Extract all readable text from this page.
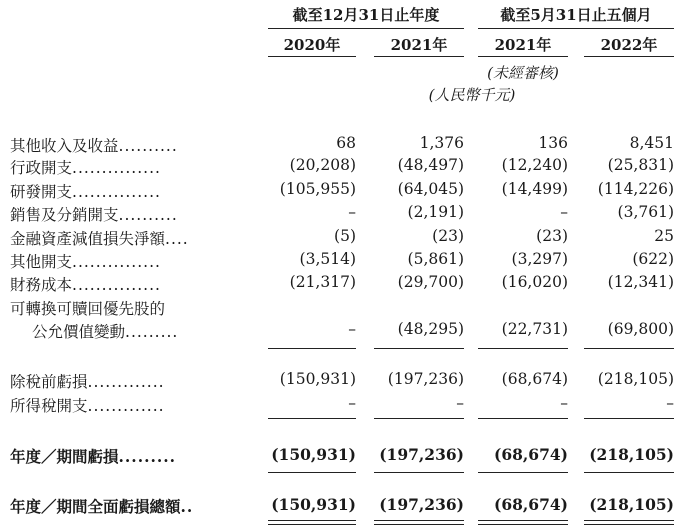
截至12月31日止年度	截至5月31日止五個月
2020年	2021年	2021年	2022年
(未經審核)
(人民幣千元)
其他收入及收益..........	68	1,376	136	8,451
行政開支...............	(20,208)	(48,497)	(12,240)	(25,831)
研發開支...............	(105,955)	(64,045)	(14,499)	(114,226)
銷售及分銷開支..........	–	(2,191)	–	(3,761)
金融資產減值損失淨額....	(5)	(23)	(23)	25
其他開支...............	(3,514)	(5,861)	(3,297)	(622)
財務成本...............	(21,317)	(29,700)	(16,020)	(12,341)
可轉換可贖回優先股的
公允價值變動.........	–	(48,295)	(22,731)	(69,800)
除稅前虧損.............	(150,931)	(197,236)	(68,674)	(218,105)
所得稅開支.............	–	–	–	–
年度／期間虧損.........	(150,931)	(197,236)	(68,674)	(218,105)
年度／期間全面虧損總額..	(150,931)	(197,236)	(68,674)	(218,105)
